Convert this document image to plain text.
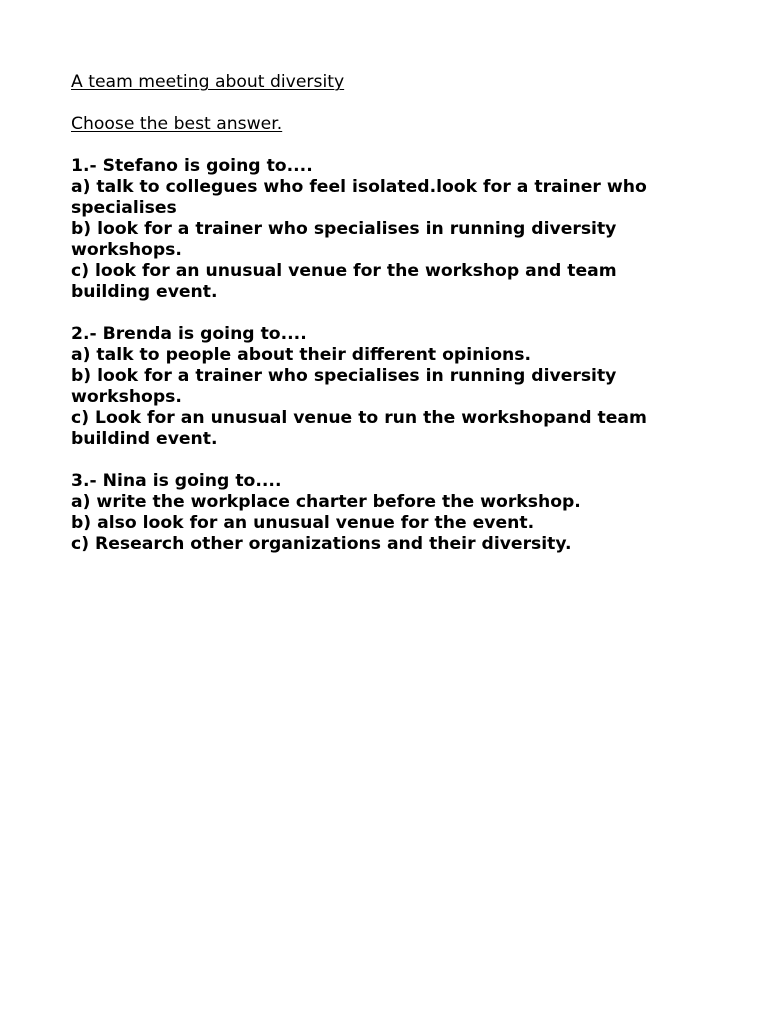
A team meeting about diversity
Choose the best answer.
1.- Stefano is going to....
a) talk to collegues who feel isolated.look for a trainer who
specialises
b) look for a trainer who specialises in running diversity
workshops.
c) look for an unusual venue for the workshop and team
building event.
2.- Brenda is going to....
a) talk to people about their different opinions.
b) look for a trainer who specialises in running diversity
workshops.
c) Look for an unusual venue to run the workshopand team
buildind event.
3.- Nina is going to....
a) write the workplace charter before the workshop.
b) also look for an unusual venue for the event.
c) Research other organizations and their diversity.
